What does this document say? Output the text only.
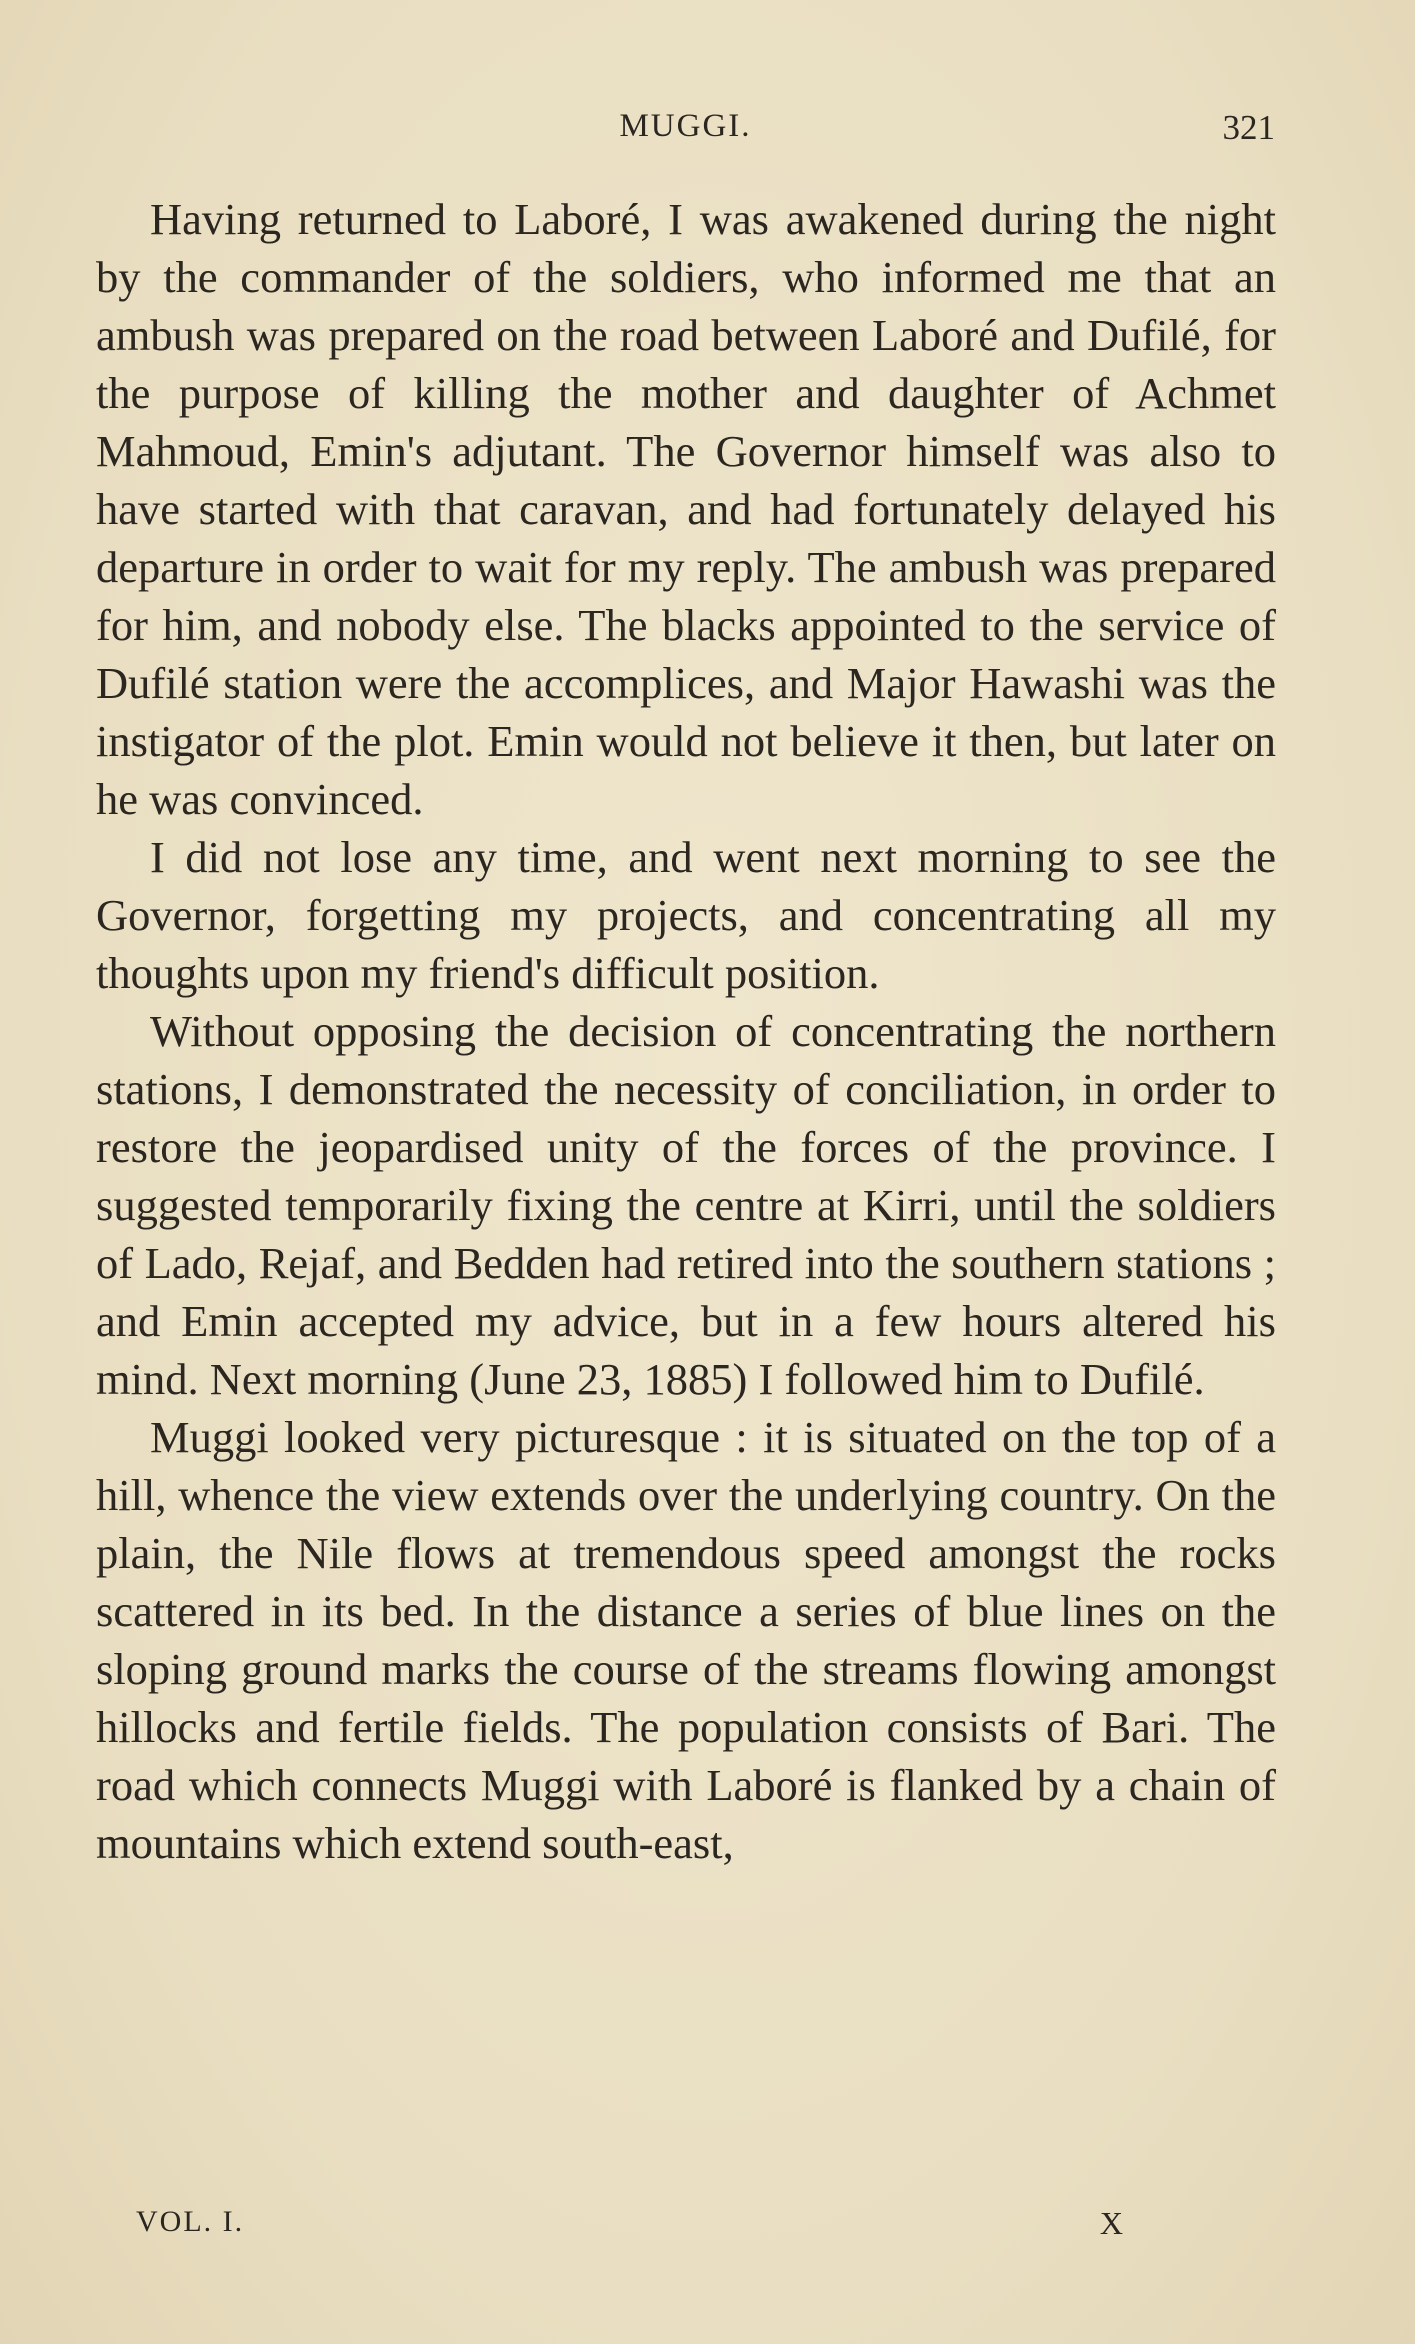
MUGGI.	321

Having returned to Laboré, I was awakened during the night by the commander of the soldiers, who informed me that an ambush was prepared on the road between Laboré and Dufilé, for the purpose of killing the mother and daughter of Achmet Mahmoud, Emin's adjutant. The Governor himself was also to have started with that caravan, and had fortunately delayed his departure in order to wait for my reply. The ambush was prepared for him, and nobody else. The blacks appointed to the service of Dufilé station were the accomplices, and Major Hawashi was the instigator of the plot. Emin would not believe it then, but later on he was convinced.

I did not lose any time, and went next morning to see the Governor, forgetting my projects, and concentrating all my thoughts upon my friend's difficult position.

Without opposing the decision of concentrating the northern stations, I demonstrated the necessity of conciliation, in order to restore the jeopardised unity of the forces of the province. I suggested temporarily fixing the centre at Kirri, until the soldiers of Lado, Rejaf, and Bedden had retired into the southern stations ; and Emin accepted my advice, but in a few hours altered his mind. Next morning (June 23, 1885) I followed him to Dufilé.

Muggi looked very picturesque : it is situated on the top of a hill, whence the view extends over the underlying country. On the plain, the Nile flows at tremendous speed amongst the rocks scattered in its bed. In the distance a series of blue lines on the sloping ground marks the course of the streams flowing amongst hillocks and fertile fields. The population consists of Bari. The road which connects Muggi with Laboré is flanked by a chain of mountains which extend south-east,

VOL. I.	X
